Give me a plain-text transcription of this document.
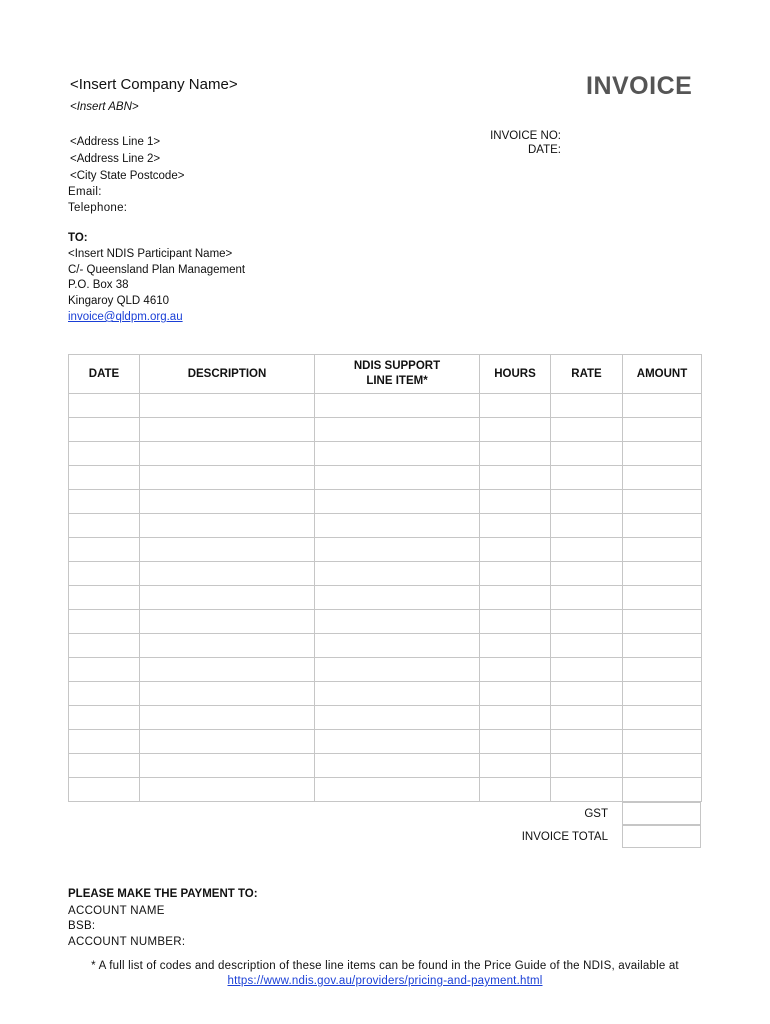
<Insert Company Name>
<Insert ABN>
INVOICE
<Address Line 1>
<Address Line 2>
<City State Postcode>
Email:
Telephone:
INVOICE NO:
DATE:
TO:
<Insert NDIS Participant Name>
C/- Queensland Plan Management
P.O. Box 38
Kingaroy QLD 4610
invoice@qldpm.org.au
DATE	DESCRIPTION	NDIS SUPPORT LINE ITEM*	HOURS	RATE	AMOUNT

GST
INVOICE TOTAL
PLEASE MAKE THE PAYMENT TO:
ACCOUNT NAME
BSB:
ACCOUNT NUMBER:
* A full list of codes and description of these line items can be found in the Price Guide of the NDIS, available at
https://www.ndis.gov.au/providers/pricing-and-payment.html
